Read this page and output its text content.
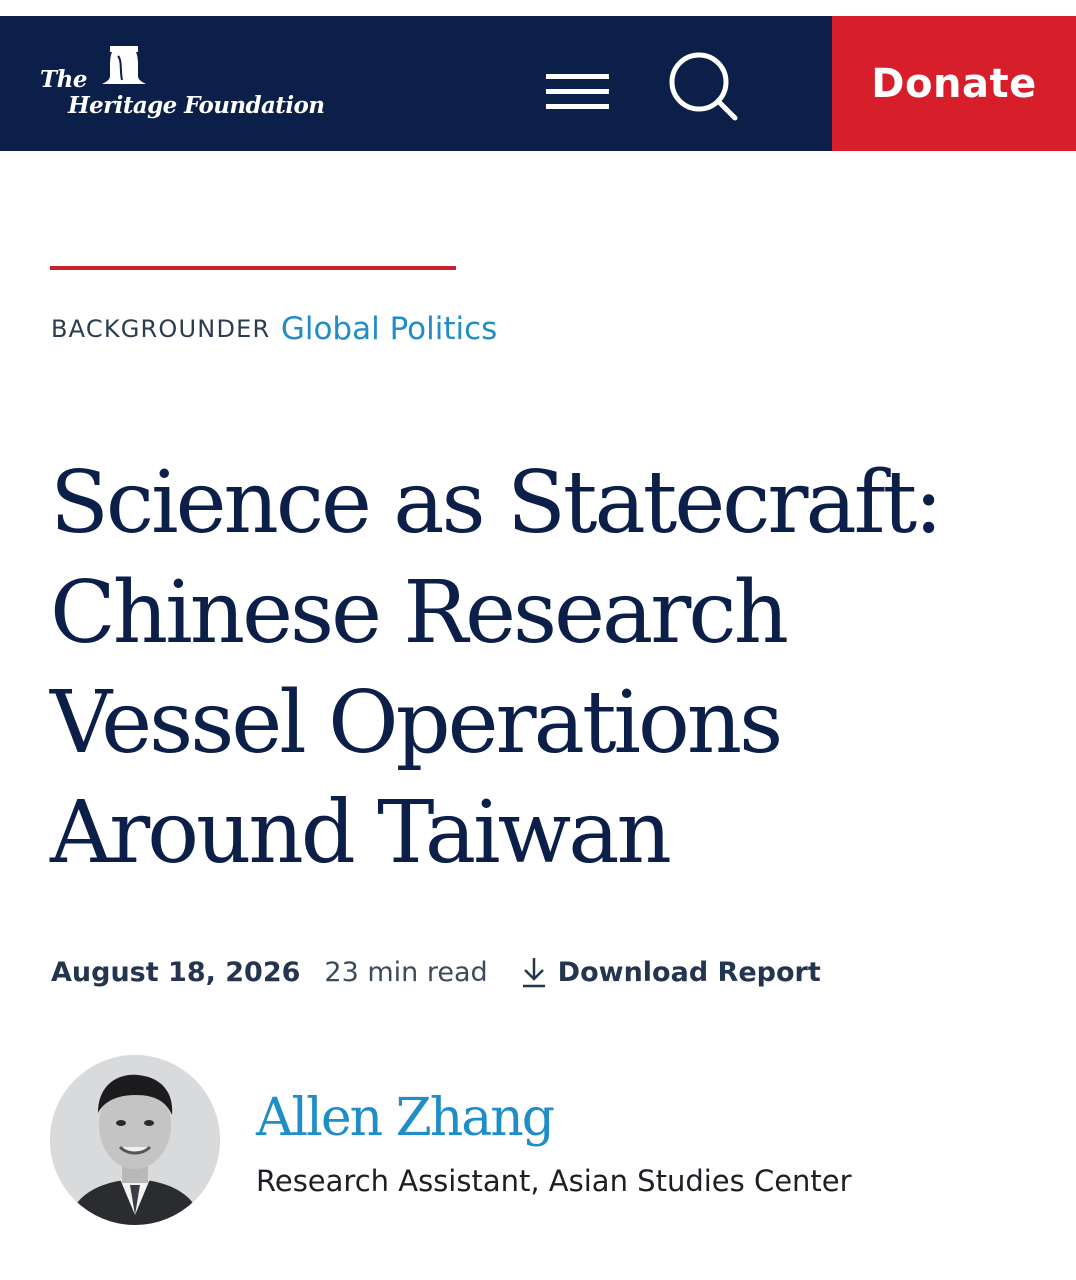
The
Heritage Foundation	Donate
BACKGROUNDER Global Politics
Science as Statecraft: Chinese Research Vessel Operations Around Taiwan
August 18, 2026 23 min read	Download Report
Allen Zhang
Research Assistant, Asian Studies Center
